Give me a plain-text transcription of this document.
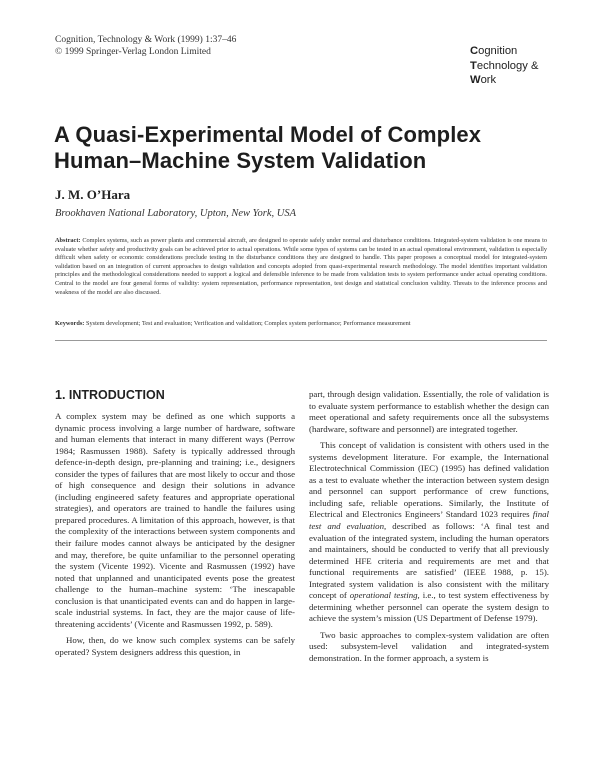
Cognition, Technology & Work (1999) 1:37–46
© 1999 Springer-Verlag London Limited	Cognition
Technology &
Work
A Quasi-Experimental Model of Complex
Human–Machine System Validation
J. M. O’Hara
Brookhaven National Laboratory, Upton, New York, USA
Abstract: Complex systems, such as power plants and commercial aircraft, are designed to operate safely under normal and disturbance conditions. Integrated-system validation is one means to evaluate whether safety and productivity goals can be achieved prior to actual operations. While some types of systems can be tested in an actual operational environment, validation is especially difficult when safety or economic considerations preclude testing in the disturbance conditions they are designed to handle. This paper proposes a conceptual model for integrated-system validation based on an integration of current approaches to design validation and concepts adopted from quasi-experimental research methodology. The model identifies important validation principles and the methodological considerations needed to support a logical and defensible inference to be made from validation tests to system performance under actual operating conditions. Central to the model are four general forms of validity: system representation, performance representation, test design and statistical conclusion validity. Threats to the inference process and weakness of the model are also discussed.
Keywords: System development; Test and evaluation; Verification and validation; Complex system performance; Performance measurement
1. INTRODUCTION

A complex system may be defined as one which supports a dynamic process involving a large number of hardware, software and human elements that interact in many different ways (Perrow 1984; Rasmussen 1988). Safety is typically addressed through defence-in-depth design, pre-planning and training; i.e., designers consider the types of failures that are most likely to occur and those of high consequence and design their solutions in advance (including engineered safety features and appropriate operational strategies), and operators are trained to handle the failures using prepared procedures. A limitation of this approach, however, is that the complexity of the interactions between system components and their failure modes cannot always be anticipated by the designer and may, therefore, be quite unfamiliar to the personnel operating the system (Vicente 1992). Vicente and Rasmussen (1992) have noted that unplanned and unanticipated events pose the greatest challenge to the human–machine system: ‘The inescapable conclusion is that unanticipated events can and do happen in large-scale industrial systems. In fact, they are the major cause of life-threatening accidents’ (Vicente and Rasmussen 1992, p. 589).

How, then, do we know such complex systems can be safely operated? System designers address this question, in

part, through design validation. Essentially, the role of validation is to evaluate system performance to establish whether the design can meet operational and safety requirements once all the subsystems (hardware, software and personnel) are integrated together.

This concept of validation is consistent with others used in the systems development literature. For example, the International Electrotechnical Commission (IEC) (1995) has defined validation as a test to evaluate whether the interaction between system design and personnel can support performance of crew functions, including safe, reliable operations. Similarly, the Institute of Electrical and Electronics Engineers’ Standard 1023 requires final test and evaluation, described as follows: ‘A final test and evaluation of the integrated system, including the human operators and maintainers, should be conducted to verify that all previously determined HFE criteria and requirements are met and that functional requirements are satisfied’ (IEEE 1988, p. 15). Integrated system validation is also consistent with the military concept of operational testing, i.e., to test system effectiveness by determining whether personnel can operate the system design to achieve the system’s mission (US Department of Defense 1979).

Two basic approaches to complex-system validation are often used: subsystem-level validation and integrated-system demonstration. In the former approach, a system is
